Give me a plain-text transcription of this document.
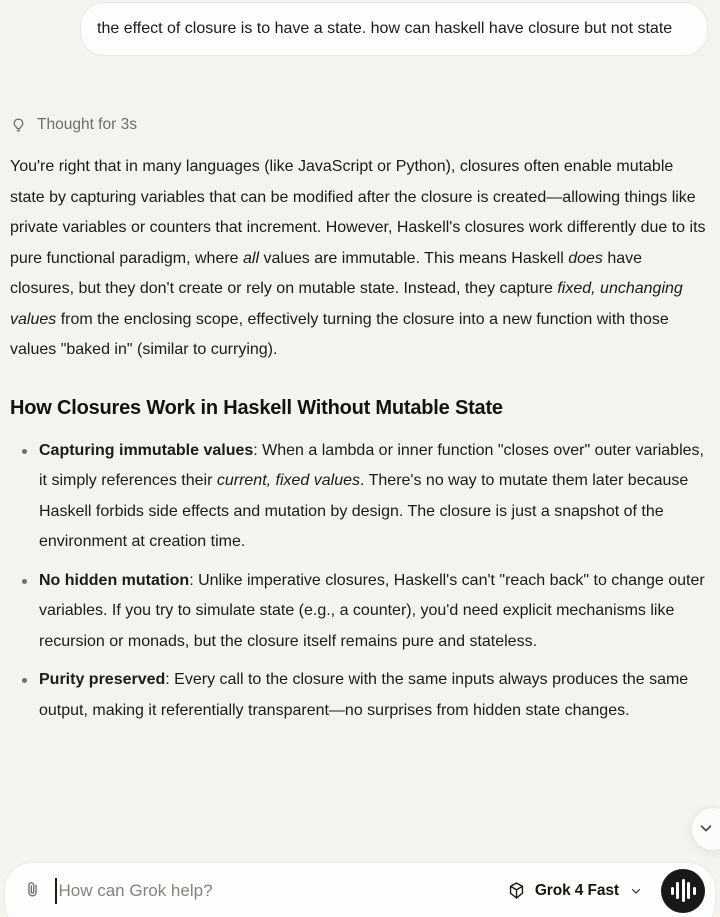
the effect of closure is to have a state. how can haskell have closure but not state

Thought for 3s

You're right that in many languages (like JavaScript or Python), closures often enable mutable state by capturing variables that can be modified after the closure is created—allowing things like private variables or counters that increment. However, Haskell's closures work differently due to its pure functional paradigm, where all values are immutable. This means Haskell does have closures, but they don't create or rely on mutable state. Instead, they capture fixed, unchanging values from the enclosing scope, effectively turning the closure into a new function with those values "baked in" (similar to currying).

How Closures Work in Haskell Without Mutable State
Capturing immutable values: When a lambda or inner function "closes over" outer variables, it simply references their current, fixed values. There's no way to mutate them later because Haskell forbids side effects and mutation by design. The closure is just a snapshot of the environment at creation time.
No hidden mutation: Unlike imperative closures, Haskell's can't "reach back" to change outer variables. If you try to simulate state (e.g., a counter), you'd need explicit mechanisms like recursion or monads, but the closure itself remains pure and stateless.
Purity preserved: Every call to the closure with the same inputs always produces the same output, making it referentially transparent—no surprises from hidden state changes.
How can Grok help?
Grok 4 Fast
